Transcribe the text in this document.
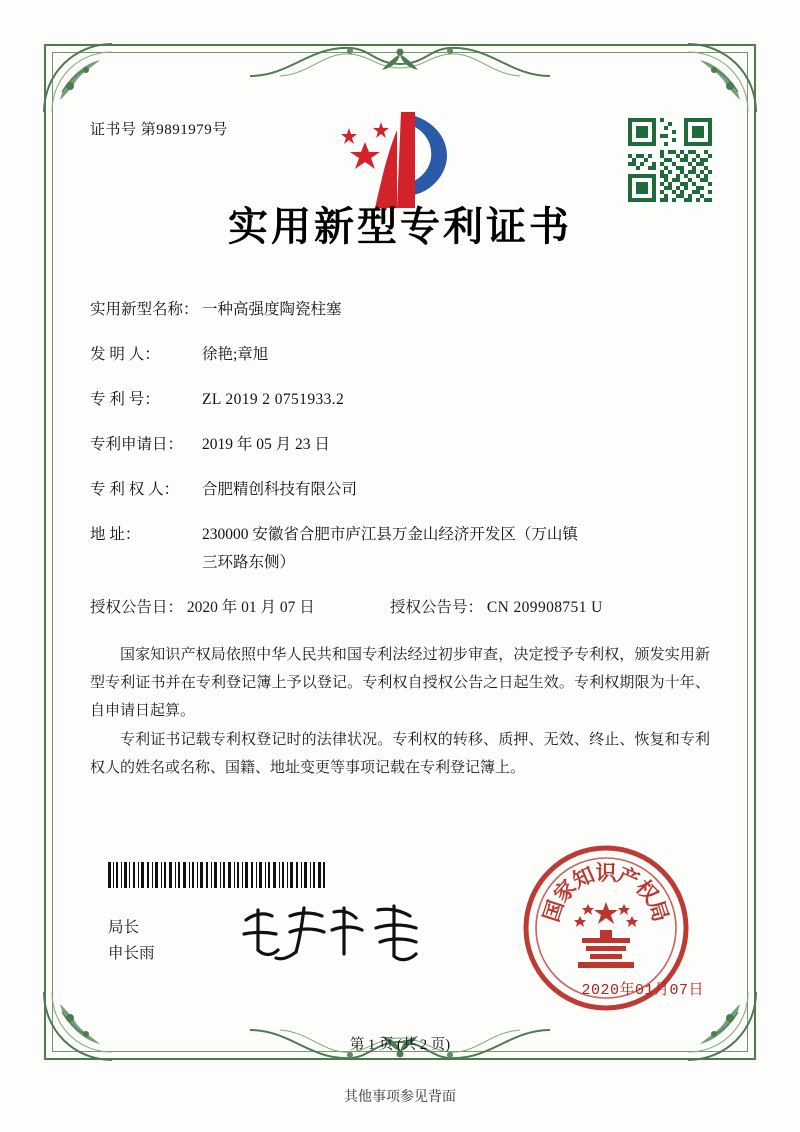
证书号 第9891979号
实用新型专利证书
实用新型名称： 一种高强度陶瓷柱塞
发 明 人：	徐艳;章旭
专 利 号：	ZL 2019 2 0751933.2
专利申请日：	2019 年 05 月 23 日
专 利 权 人：	合肥精创科技有限公司
地 址：	230000 安徽省合肥市庐江县万金山经济开发区（万山镇
三环路东侧）
授权公告日： 2020 年 01 月 07 日	授权公告号： CN 209908751 U

国家知识产权局依照中华人民共和国专利法经过初步审查，决定授予专利权，颁发实用新型专利证书并在专利登记簿上予以登记。专利权自授权公告之日起生效。专利权期限为十年、自申请日起算。

专利证书记载专利权登记时的法律状况。专利权的转移、质押、无效、终止、恢复和专利权人的姓名或名称、国籍、地址变更等事项记载在专利登记簿上。

局长
申长雨
国
家
知
识
产
权
局
2020年01月07日
第 1 页 (共 2 页)
其他事项参见背面
